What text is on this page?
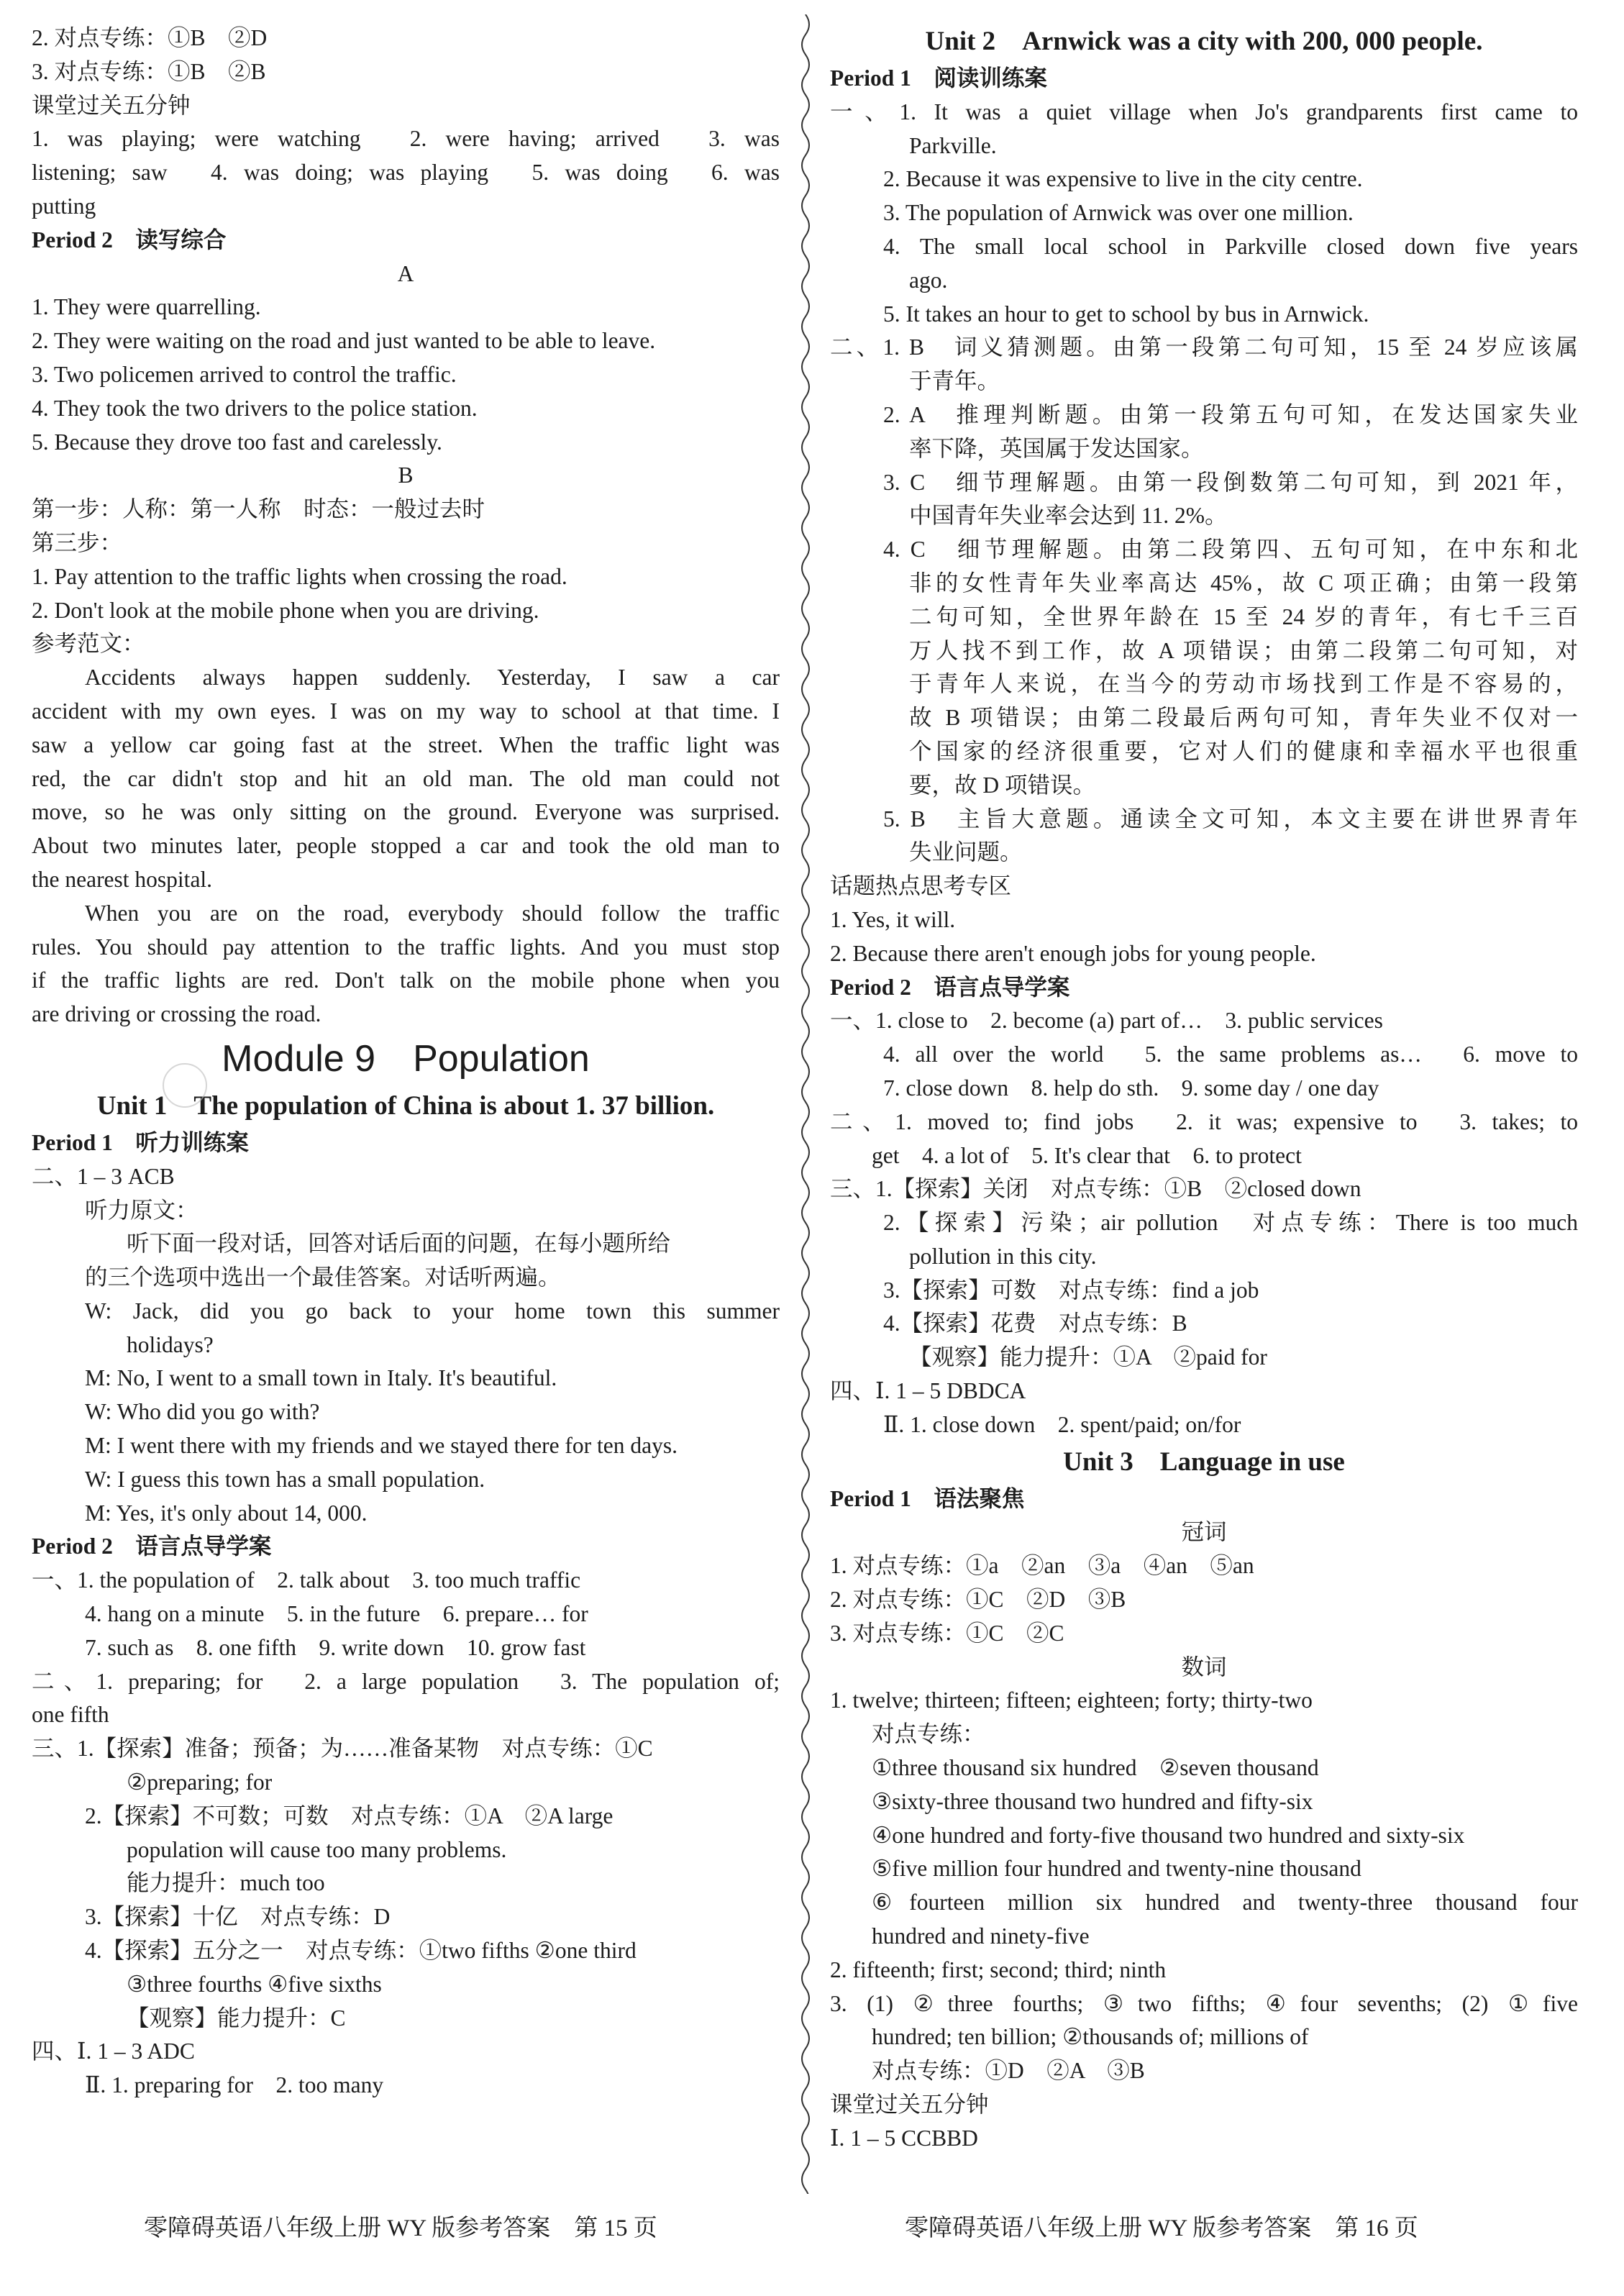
2. 对点专练：①B　②D
3. 对点专练：①B　②B
课堂过关五分钟
1. was playing; were watching　2. were having; arrived　3. was
listening; saw　4. was doing; was playing　5. was doing　6. was
putting
Period 2　读写综合
A
1. They were quarrelling.
2. They were waiting on the road and just wanted to be able to leave.
3. Two policemen arrived to control the traffic.
4. They took the two drivers to the police station.
5. Because they drove too fast and carelessly.
B
第一步：人称：第一人称　时态：一般过去时
第三步：
1. Pay attention to the traffic lights when crossing the road.
2. Don't look at the mobile phone when you are driving.
参考范文：
Accidents always happen suddenly. Yesterday, I saw a car
accident with my own eyes. I was on my way to school at that time. I
saw a yellow car going fast at the street. When the traffic light was
red, the car didn't stop and hit an old man. The old man could not
move, so he was only sitting on the ground. Everyone was surprised.
About two minutes later, people stopped a car and took the old man to
the nearest hospital.
When you are on the road, everybody should follow the traffic
rules. You should pay attention to the traffic lights. And you must stop
if the traffic lights are red. Don't talk on the mobile phone when you
are driving or crossing the road.
Module 9　Population
Unit 1　The population of China is about 1. 37 billion.
Period 1　听力训练案
二、1 – 3 ACB
听力原文：
听下面一段对话，回答对话后面的问题，在每小题所给
的三个选项中选出一个最佳答案。对话听两遍。
W: Jack, did you go back to your home town this summer
holidays?
M: No, I went to a small town in Italy. It's beautiful.
W: Who did you go with?
M: I went there with my friends and we stayed there for ten days.
W: I guess this town has a small population.
M: Yes, it's only about 14, 000.
Period 2　语言点导学案
一、1. the population of　2. talk about　3. too much traffic
4. hang on a minute　5. in the future　6. prepare… for
7. such as　8. one fifth　9. write down　10. grow fast
二、1. preparing; for　2. a large population　3. The population of;
one fifth
三、1.【探索】准备；预备；为……准备某物　对点专练：①C
②preparing; for
2.【探索】不可数；可数　对点专练：①A　②A large
population will cause too many problems.
能力提升：much too
3.【探索】十亿　对点专练：D
4.【探索】五分之一　对点专练：①two fifths ②one third
③three fourths ④five sixths
【观察】能力提升：C
四、Ⅰ. 1 – 3 ADC
Ⅱ. 1. preparing for　2. too many
Unit 2　Arnwick was a city with 200, 000 people.
Period 1　阅读训练案
一、1. It was a quiet village when Jo's grandparents first came to
Parkville.
2. Because it was expensive to live in the city centre.
3. The population of Arnwick was over one million.
4. The small local school in Parkville closed down five years
ago.
5. It takes an hour to get to school by bus in Arnwick.
二、1. B　词义猜测题。由第一段第二句可知，15 至 24 岁应该属
于青年。
2. A　推理判断题。由第一段第五句可知，在发达国家失业
率下降，英国属于发达国家。
3. C　细节理解题。由第一段倒数第二句可知，到 2021 年，
中国青年失业率会达到 11. 2%。
4. C　细节理解题。由第二段第四、五句可知，在中东和北
非的女性青年失业率高达 45%，故 C 项正确；由第一段第
二句可知，全世界年龄在 15 至 24 岁的青年，有七千三百
万人找不到工作，故 A 项错误；由第二段第二句可知，对
于青年人来说，在当今的劳动市场找到工作是不容易的，
故 B 项错误；由第二段最后两句可知，青年失业不仅对一
个国家的经济很重要，它对人们的健康和幸福水平也很重
要，故 D 项错误。
5. B　主旨大意题。通读全文可知，本文主要在讲世界青年
失业问题。
话题热点思考专区
1. Yes, it will.
2. Because there aren't enough jobs for young people.
Period 2　语言点导学案
一、1. close to　2. become (a) part of…　3. public services
4. all over the world　5. the same problems as…　6. move to
7. close down　8. help do sth.　9. some day / one day
二、1. moved to; find jobs　2. it was; expensive to　3. takes; to
get　4. a lot of　5. It's clear that　6. to protect
三、1.【探索】关闭　对点专练：①B　②closed down
2.【探索】污染；air pollution　对点专练：There is too much
pollution in this city.
3.【探索】可数　对点专练：find a job
4.【探索】花费　对点专练：B
【观察】能力提升：①A　②paid for
四、Ⅰ. 1 – 5 DBDCA
Ⅱ. 1. close down　2. spent/paid; on/for
Unit 3　Language in use
Period 1　语法聚焦
冠词
1. 对点专练：①a　②an　③a　④an　⑤an
2. 对点专练：①C　②D　③B
3. 对点专练：①C　②C
数词
1. twelve; thirteen; fifteen; eighteen; forty; thirty-two
对点专练：
①three thousand six hundred　②seven thousand
③sixty-three thousand two hundred and fifty-six
④one hundred and forty-five thousand two hundred and sixty-six
⑤five million four hundred and twenty-nine thousand
⑥fourteen million six hundred and twenty-three thousand four
hundred and ninety-five
2. fifteenth; first; second; third; ninth
3. (1) ②three fourths; ③two fifths; ④four sevenths; (2) ①five
hundred; ten billion; ②thousands of; millions of
对点专练：①D　②A　③B
课堂过关五分钟
Ⅰ. 1 – 5 CCBBD
零障碍英语八年级上册 WY 版参考答案　第 15 页	零障碍英语八年级上册 WY 版参考答案　第 16 页
